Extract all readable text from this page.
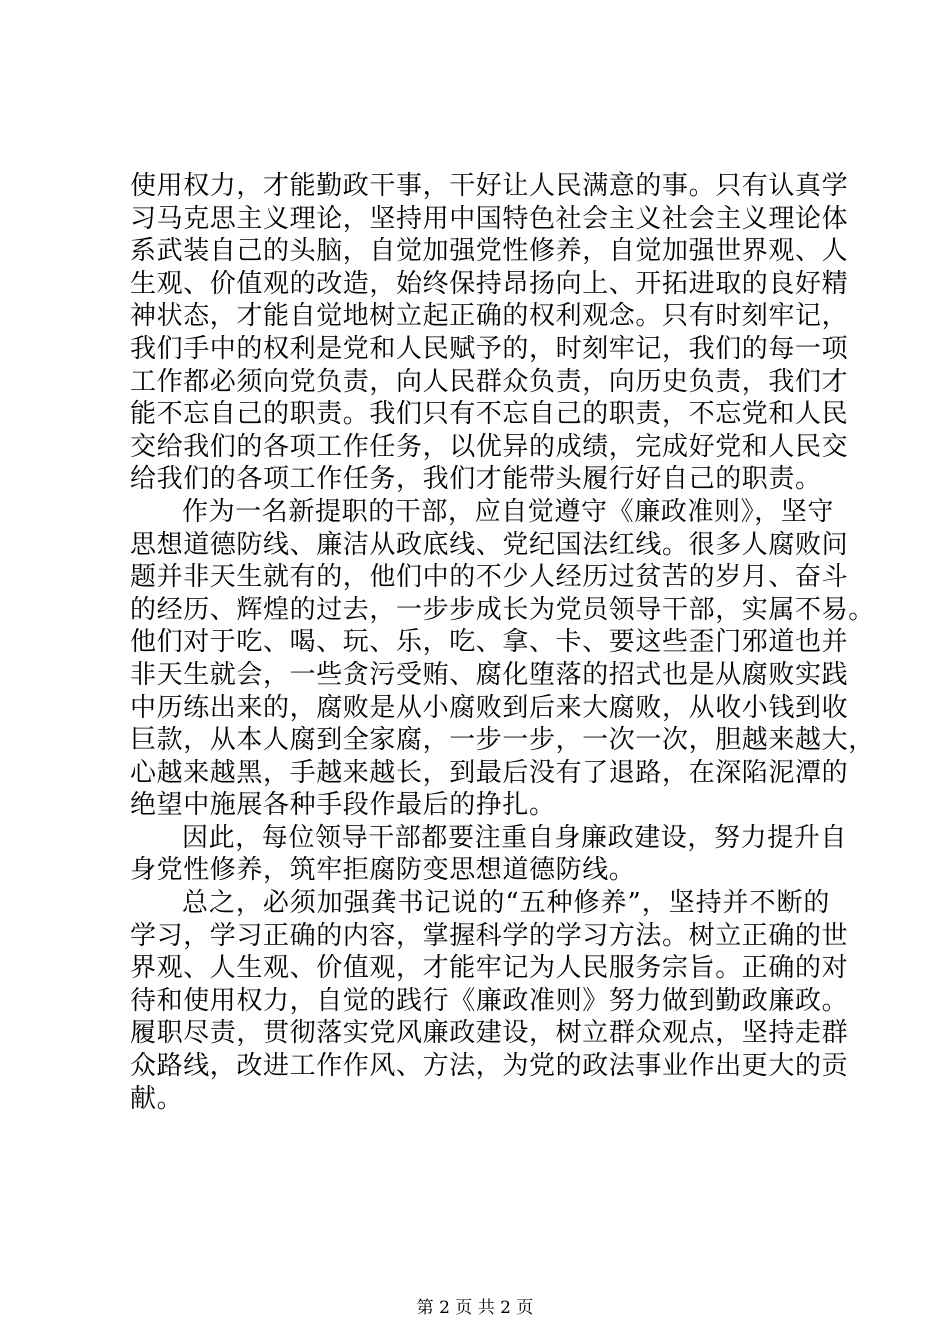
使用权力，才能勤政干事，干好让人民满意的事。只有认真学
习马克思主义理论，坚持用中国特色社会主义社会主义理论体
系武装自己的头脑，自觉加强党性修养，自觉加强世界观、人
生观、价值观的改造，始终保持昂扬向上、开拓进取的良好精
神状态，才能自觉地树立起正确的权利观念。只有时刻牢记，
我们手中的权利是党和人民赋予的，时刻牢记，我们的每一项
工作都必须向党负责，向人民群众负责，向历史负责，我们才
能不忘自己的职责。我们只有不忘自己的职责，不忘党和人民
交给我们的各项工作任务，以优异的成绩，完成好党和人民交
给我们的各项工作任务，我们才能带头履行好自己的职责。
作为一名新提职的干部，应自觉遵守《廉政准则》，坚守
思想道德防线、廉洁从政底线、党纪国法红线。很多人腐败问
题并非天生就有的，他们中的不少人经历过贫苦的岁月、奋斗
的经历、辉煌的过去，一步步成长为党员领导干部，实属不易。
他们对于吃、喝、玩、乐，吃、拿、卡、要这些歪门邪道也并
非天生就会，一些贪污受贿、腐化堕落的招式也是从腐败实践
中历练出来的，腐败是从小腐败到后来大腐败，从收小钱到收
巨款，从本人腐到全家腐，一步一步，一次一次，胆越来越大，
心越来越黑，手越来越长，到最后没有了退路，在深陷泥潭的
绝望中施展各种手段作最后的挣扎。
因此，每位领导干部都要注重自身廉政建设，努力提升自
身党性修养，筑牢拒腐防变思想道德防线。
总之，必须加强龚书记说的“五种修养”，坚持并不断的
学习，学习正确的内容，掌握科学的学习方法。树立正确的世
界观、人生观、价值观，才能牢记为人民服务宗旨。正确的对
待和使用权力，自觉的践行《廉政准则》努力做到勤政廉政。
履职尽责，贯彻落实党风廉政建设，树立群众观点，坚持走群
众路线，改进工作作风、方法，为党的政法事业作出更大的贡
献。
第 2 页 共 2 页
